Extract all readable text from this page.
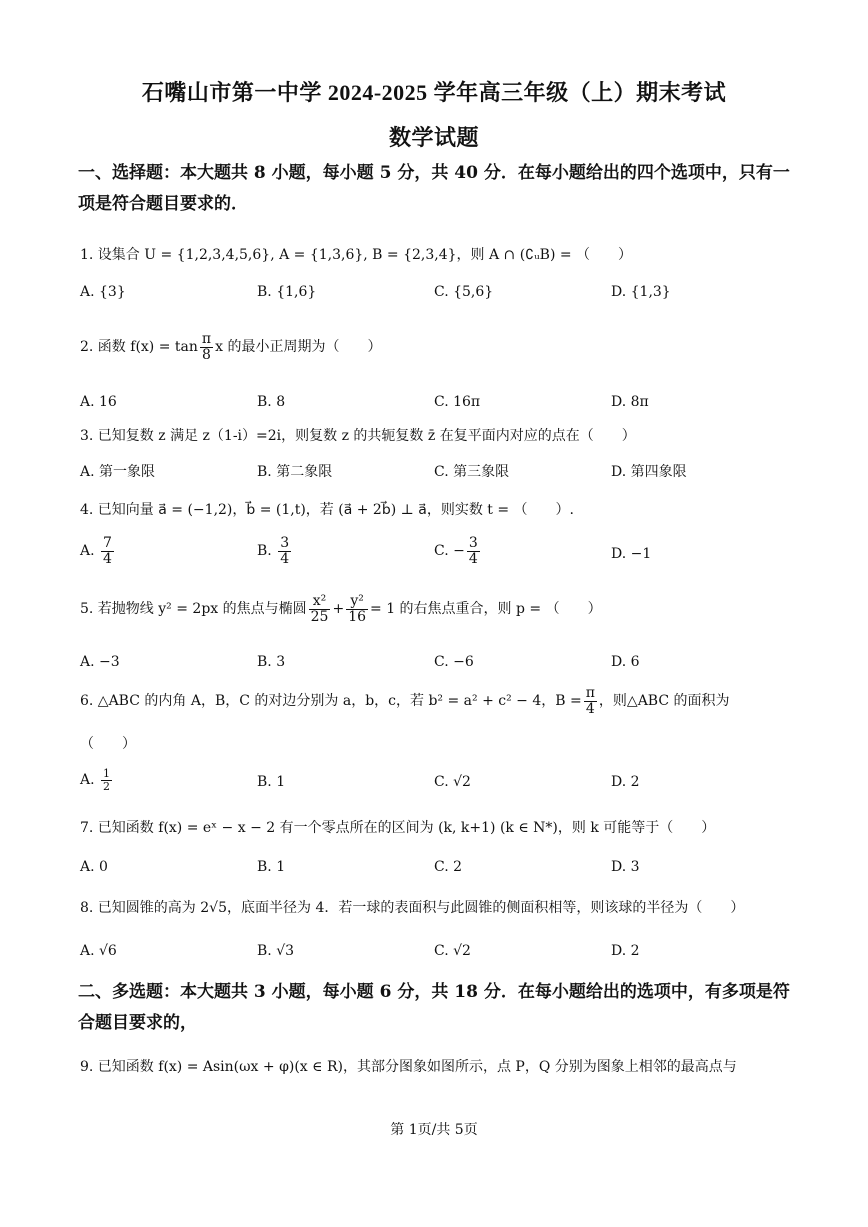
石嘴山市第一中学 2024-2025 学年高三年级（上）期末考试
数学试题
一、选择题：本大题共 8 小题，每小题 5 分，共 40 分．在每小题给出的四个选项中，只有一
项是符合题目要求的．
1. 设集合 U = {1,2,3,4,5,6}, A = {1,3,6}, B = {2,3,4}，则 A ∩ (∁ᵤB) = （　　）
A. {3}	B. {1,6}	C. {5,6}	D. {1,3}
2. 函数 $f(x) = \tan \frac{\pi}{8}$ x 的最小正周期为（　　）
A. 16	B. 8	C. 16π	D. 8π
3. 已知复数 z 满足 z（1-i）=2i，则复数 z 的共轭复数 z̄ 在复平面内对应的点在（　　）
A. 第一象限	B. 第二象限	C. 第三象限	D. 第四象限
4. 已知向量 a⃗ = (−1,2)，b⃗ = (1,t)，若 (a⃗ + 2b⃗) ⊥ a⃗，则实数 t = （　　）.
A. $\frac{7}{4}$	B. $\frac{3}{4}$	C. − $\frac{3}{4}$	D. −1
5. 若抛物线 y² = 2px 的焦点与椭圆 $\frac{\text{x²}}{25} + \frac{\text{y²}}{16} = 1$ 的右焦点重合，则 p = （　　）
A. −3	B. 3	C. −6	D. 6
6. △ABC 的内角 A，B，C 的对边分别为 a，b，c，若 b² = a² + c² − 4，$B = \frac{\pi}{4}$ ，则△ABC 的面积为
（　　）
A. $\frac{1}{2}$	B. 1	C. √2	D. 2
7. 已知函数 f(x) = eˣ − x − 2 有一个零点所在的区间为 (k, k+1) (k ∈ N*)，则 k 可能等于（　　）
A. 0	B. 1	C. 2	D. 3
8. 已知圆锥的高为 2√5，底面半径为 4．若一球的表面积与此圆锥的侧面积相等，则该球的半径为（　　）
A. √6	B. √3	C. √2	D. 2
二、多选题：本大题共 3 小题，每小题 6 分，共 18 分．在每小题给出的选项中，有多项是符
合题目要求的，
9. 已知函数 f(x) = Asin(ωx + φ)(x ∈ R)，其部分图象如图所示，点 P，Q 分别为图象上相邻的最高点与
第 1页/共 5页
